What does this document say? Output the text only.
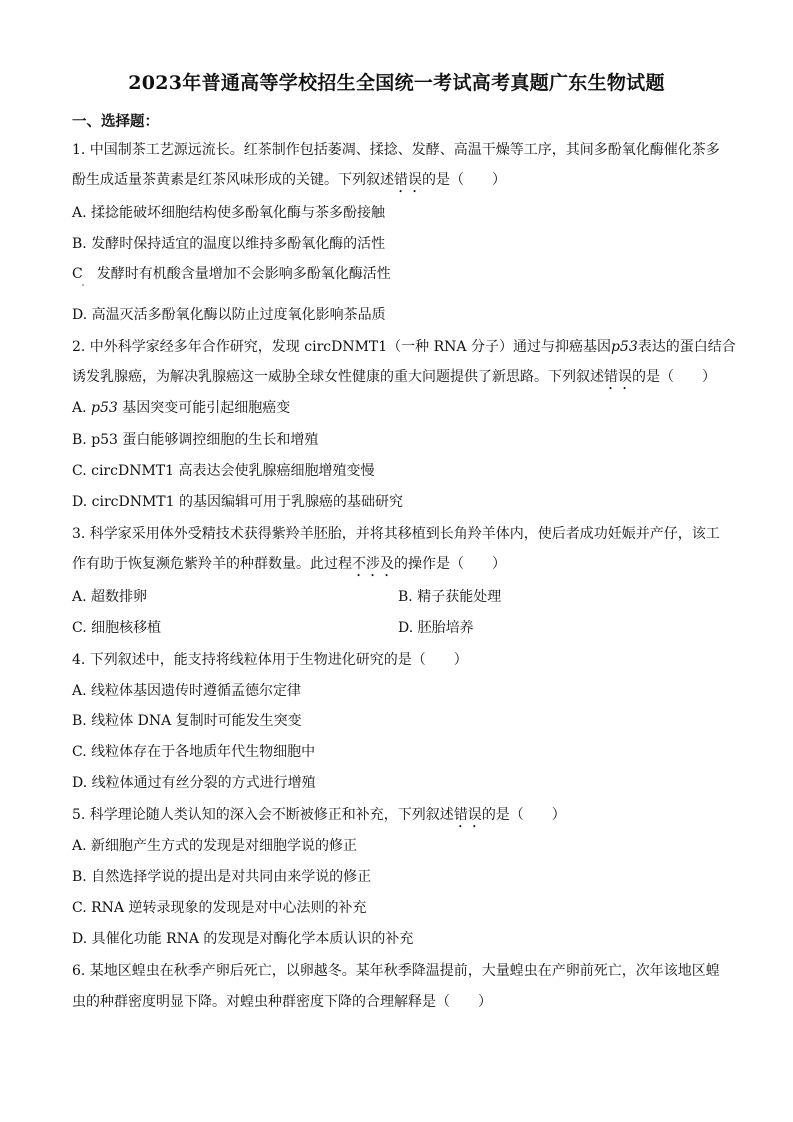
2023年普通高等学校招生全国统一考试高考真题广东生物试题
一、选择题：
1. 中国制茶工艺源远流长。红茶制作包括萎凋、揉捻、发酵、高温干燥等工序，其间多酚氧化酶催化茶多
酚生成适量茶黄素是红茶风味形成的关键。下列叙述错误的是（　　）
A. 揉捻能破坏细胞结构使多酚氧化酶与茶多酚接触
B. 发酵时保持适宜的温度以维持多酚氧化酶的活性
C　发酵时有机酸含量增加不会影响多酚氧化酶活性
D. 高温灭活多酚氧化酶以防止过度氧化影响茶品质
2. 中外科学家经多年合作研究，发现 circDNMT1（一种 RNA 分子）通过与抑癌基因p53表达的蛋白结合
诱发乳腺癌，为解决乳腺癌这一威胁全球女性健康的重大问题提供了新思路。下列叙述错误的是（　　）
A. p53 基因突变可能引起细胞癌变
B. p53 蛋白能够调控细胞的生长和增殖
C. circDNMT1 高表达会使乳腺癌细胞增殖变慢
D. circDNMT1 的基因编辑可用于乳腺癌的基础研究
3. 科学家采用体外受精技术获得紫羚羊胚胎，并将其移植到长角羚羊体内，使后者成功妊娠并产仔，该工
作有助于恢复濒危紫羚羊的种群数量。此过程不涉及的操作是（　　）
A. 超数排卵	B. 精子获能处理
C. 细胞核移植	D. 胚胎培养
4. 下列叙述中，能支持将线粒体用于生物进化研究的是（　　）
A. 线粒体基因遗传时遵循孟德尔定律
B. 线粒体 DNA 复制时可能发生突变
C. 线粒体存在于各地质年代生物细胞中
D. 线粒体通过有丝分裂的方式进行增殖
5. 科学理论随人类认知的深入会不断被修正和补充，下列叙述错误的是（　　）
A. 新细胞产生方式的发现是对细胞学说的修正
B. 自然选择学说的提出是对共同由来学说的修正
C. RNA 逆转录现象的发现是对中心法则的补充
D. 具催化功能 RNA 的发现是对酶化学本质认识的补充
6. 某地区蝗虫在秋季产卵后死亡，以卵越冬。某年秋季降温提前，大量蝗虫在产卵前死亡，次年该地区蝗
虫的种群密度明显下降。对蝗虫种群密度下降的合理解释是（　　）
